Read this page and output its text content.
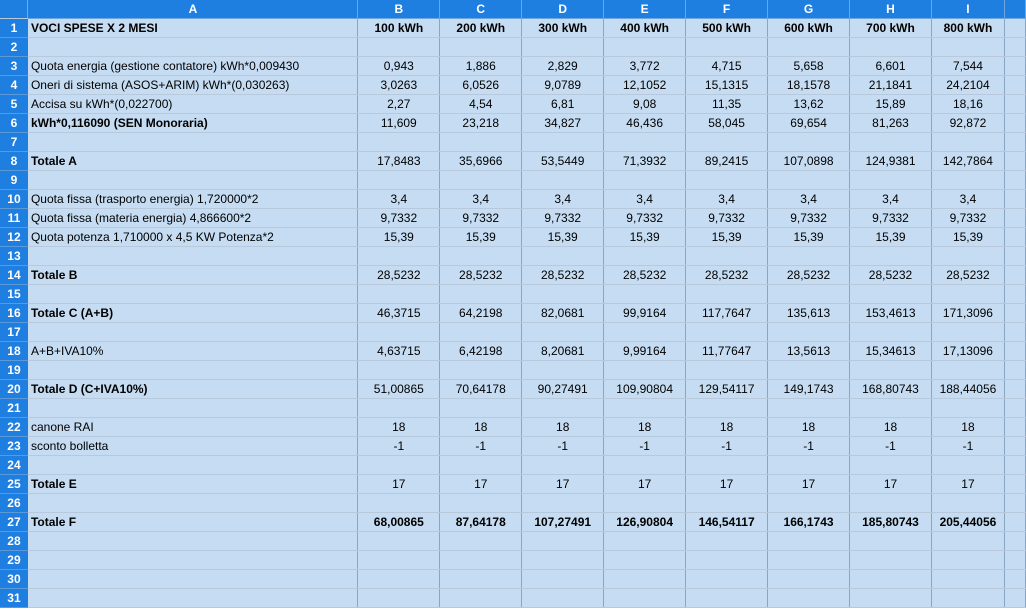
	A	B	C	D	E	F	G	H	I	
1	VOCI SPESE X 2 MESI	100 kWh	200 kWh	300 kWh	400 kWh	500 kWh	600 kWh	700 kWh	800 kWh	
2										
3	Quota energia (gestione contatore) kWh*0,009430	0,943	1,886	2,829	3,772	4,715	5,658	6,601	7,544	
4	Oneri di sistema (ASOS+ARIM) kWh*(0,030263)	3,0263	6,0526	9,0789	12,1052	15,1315	18,1578	21,1841	24,2104	
5	Accisa su kWh*(0,022700)	2,27	4,54	6,81	9,08	11,35	13,62	15,89	18,16	
6	kWh*0,116090 (SEN Monoraria)	11,609	23,218	34,827	46,436	58,045	69,654	81,263	92,872	
7										
8	Totale A	17,8483	35,6966	53,5449	71,3932	89,2415	107,0898	124,9381	142,7864	
9										
10	Quota fissa (trasporto energia) 1,720000*2	3,4	3,4	3,4	3,4	3,4	3,4	3,4	3,4	
11	Quota fissa (materia energia) 4,866600*2	9,7332	9,7332	9,7332	9,7332	9,7332	9,7332	9,7332	9,7332	
12	Quota potenza 1,710000 x 4,5 KW Potenza*2	15,39	15,39	15,39	15,39	15,39	15,39	15,39	15,39	
13										
14	Totale B	28,5232	28,5232	28,5232	28,5232	28,5232	28,5232	28,5232	28,5232	
15										
16	Totale C (A+B)	46,3715	64,2198	82,0681	99,9164	117,7647	135,613	153,4613	171,3096	
17										
18	A+B+IVA10%	4,63715	6,42198	8,20681	9,99164	11,77647	13,5613	15,34613	17,13096	
19										
20	Totale D (C+IVA10%)	51,00865	70,64178	90,27491	109,90804	129,54117	149,1743	168,80743	188,44056	
21										
22	canone RAI	18	18	18	18	18	18	18	18	
23	sconto bolletta	-1	-1	-1	-1	-1	-1	-1	-1	
24										
25	Totale E	17	17	17	17	17	17	17	17	
26										
27	Totale F	68,00865	87,64178	107,27491	126,90804	146,54117	166,1743	185,80743	205,44056	
28										
29										
30										
31										
